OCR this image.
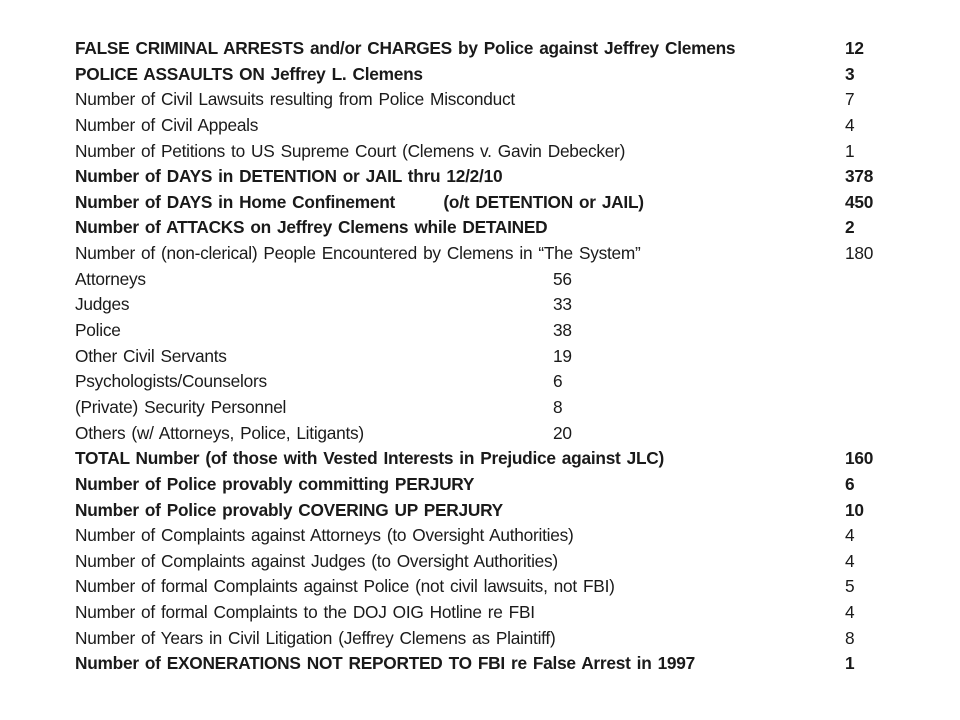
FALSE CRIMINAL ARRESTS and/or CHARGES by Police against Jeffrey Clemens	12
POLICE ASSAULTS ON Jeffrey L. Clemens	3
Number of Civil Lawsuits resulting from Police Misconduct	7
Number of Civil Appeals	4
Number of Petitions to US Supreme Court (Clemens v. Gavin Debecker)	1
Number of DAYS in DETENTION or JAIL thru 12/2/10	378
Number of DAYS in Home Confinement        (o/t DETENTION or JAIL)	450
Number of ATTACKS on Jeffrey Clemens while DETAINED	2
Number of (non-clerical) People Encountered by Clemens in “The System”	180
Attorneys	56
Judges	33
Police	38
Other Civil Servants	19
Psychologists/Counselors	6
(Private) Security Personnel	8
Others (w/ Attorneys, Police, Litigants)	20
TOTAL Number (of those with Vested Interests in Prejudice against JLC)	160
Number of Police provably committing PERJURY	6
Number of Police provably COVERING UP PERJURY	10
Number of Complaints against Attorneys (to Oversight Authorities)	4
Number of Complaints against Judges (to Oversight Authorities)	4
Number of formal Complaints against Police (not civil lawsuits, not FBI)	5
Number of formal Complaints to the DOJ OIG Hotline re FBI	4
Number of Years in Civil Litigation (Jeffrey Clemens as Plaintiff)	8
Number of EXONERATIONS NOT REPORTED TO FBI re False Arrest in 1997	1
